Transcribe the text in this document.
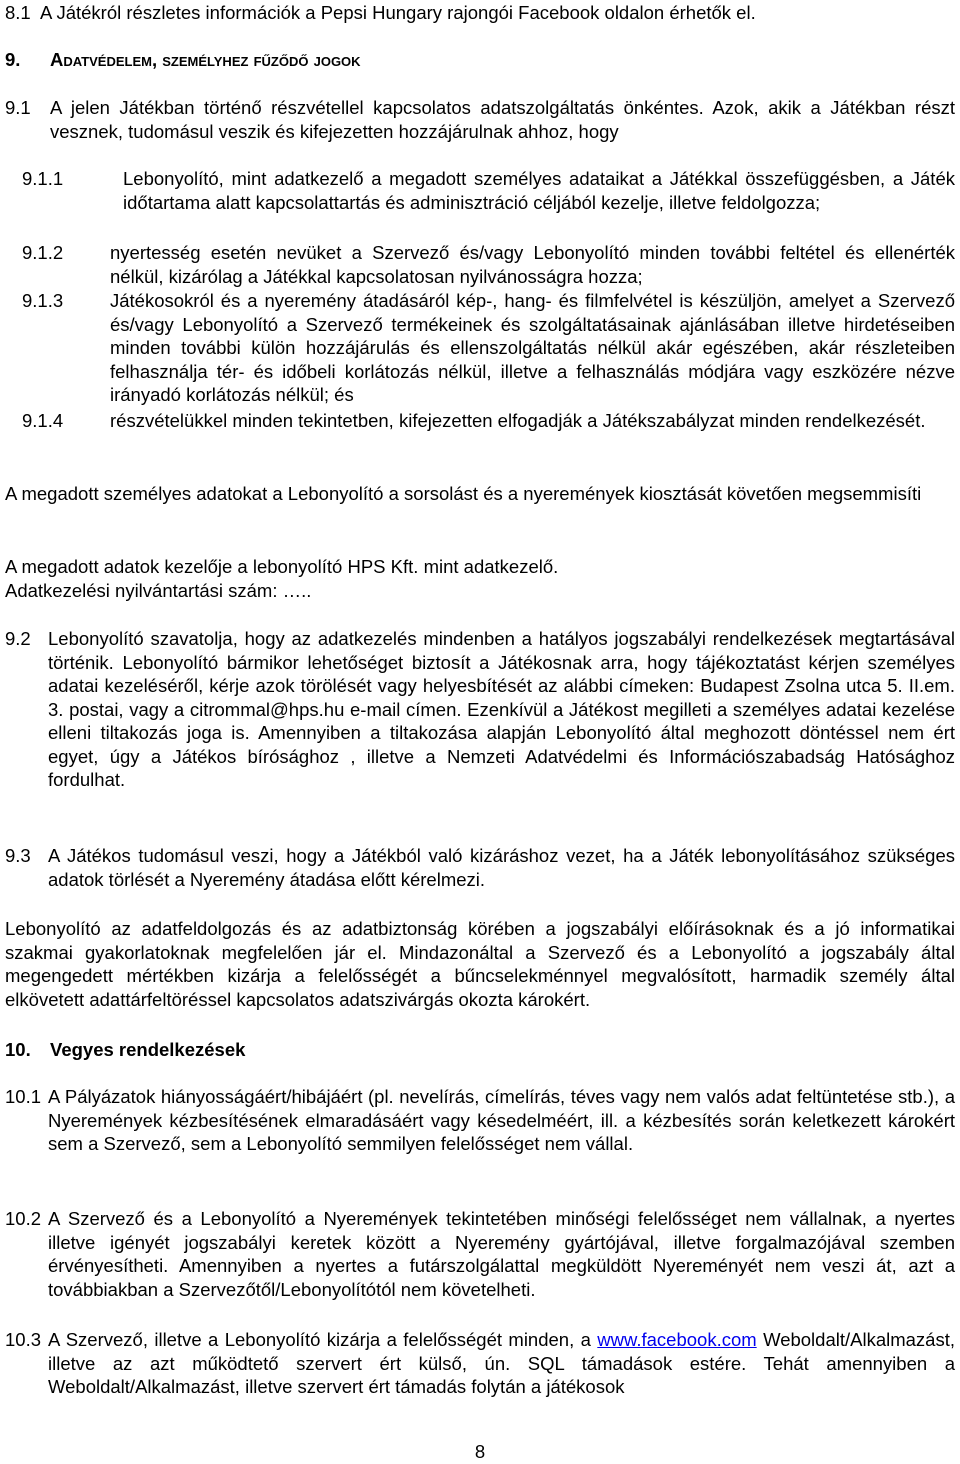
8.1 A Játékról részletes információk a Pepsi Hungary rajongói Facebook oldalon érhetők el.
9. Adatvédelem, személyhez fűződő jogok
9.1 A jelen Játékban történő részvétellel kapcsolatos adatszolgáltatás önkéntes. Azok, akik a Játékban részt vesznek, tudomásul veszik és kifejezetten hozzájárulnak ahhoz, hogy
9.1.1	Lebonyolító, mint adatkezelő a megadott személyes adataikat a Játékkal összefüggésben, a Játék időtartama alatt kapcsolattartás és adminisztráció céljából kezelje, illetve feldolgozza;
9.1.2	nyertesség esetén nevüket a Szervező és/vagy Lebonyolító minden további feltétel és ellenérték nélkül, kizárólag a Játékkal kapcsolatosan nyilvánosságra hozza;
9.1.3	Játékosokról és a nyeremény átadásáról kép-, hang- és filmfelvétel is készüljön, amelyet a Szervező és/vagy Lebonyolító a Szervező termékeinek és szolgáltatásainak ajánlásában illetve hirdetéseiben minden további külön hozzájárulás és ellenszolgáltatás nélkül akár egészében, akár részleteiben felhasználja tér- és időbeli korlátozás nélkül, illetve a felhasználás módjára vagy eszközére nézve irányadó korlátozás nélkül; és
9.1.4	részvételükkel minden tekintetben, kifejezetten elfogadják a Játékszabályzat minden rendelkezését.
A megadott személyes adatokat a Lebonyolító a sorsolást és a nyeremények kiosztását követően megsemmisíti
A megadott adatok kezelője a lebonyolító HPS Kft. mint adatkezelő.
Adatkezelési nyilvántartási szám: …..
9.2 Lebonyolító szavatolja, hogy az adatkezelés mindenben a hatályos jogszabályi rendelkezések megtartásával történik. Lebonyolító bármikor lehetőséget biztosít a Játékosnak arra, hogy tájékoztatást kérjen személyes adatai kezeléséről, kérje azok törölését vagy helyesbítését az alábbi címeken: Budapest Zsolna utca 5. II.em. 3. postai, vagy a citrommal@hps.hu e-mail címen. Ezenkívül a Játékost megilleti a személyes adatai kezelése elleni tiltakozás joga is. Amennyiben a tiltakozása alapján Lebonyolító által meghozott döntéssel nem ért egyet, úgy a Játékos bírósághoz , illetve a Nemzeti Adatvédelmi és Információszabadság Hatósághoz fordulhat.
9.3 A Játékos tudomásul veszi, hogy a Játékból való kizáráshoz vezet, ha a Játék lebonyolításához szükséges adatok törlését a Nyeremény átadása előtt kérelmezi.
Lebonyolító az adatfeldolgozás és az adatbiztonság körében a jogszabályi előírásoknak és a jó informatikai szakmai gyakorlatoknak megfelelően jár el. Mindazonáltal a Szervező és a Lebonyolító a jogszabály által megengedett mértékben kizárja a felelősségét a bűncselekménnyel megvalósított, harmadik személy által elkövetett adattárfeltöréssel kapcsolatos adatszivárgás okozta károkért.
10. Vegyes rendelkezések
10.1 A Pályázatok hiányosságáért/hibájáért (pl. nevelírás, címelírás, téves vagy nem valós adat feltüntetése stb.), a Nyeremények kézbesítésének elmaradásáért vagy késedelméért, ill. a kézbesítés során keletkezett károkért sem a Szervező, sem a Lebonyolító semmilyen felelősséget nem vállal.
10.2 A Szervező és a Lebonyolító a Nyeremények tekintetében minőségi felelősséget nem vállalnak, a nyertes illetve igényét jogszabályi keretek között a Nyeremény gyártójával, illetve forgalmazójával szemben érvényesítheti. Amennyiben a nyertes a futárszolgálattal megküldött Nyereményét nem veszi át, azt a továbbiakban a Szervezőtől/Lebonyolítótól nem követelheti.
10.3 A Szervező, illetve a Lebonyolító kizárja a felelősségét minden, a www.facebook.com Weboldalt/Alkalmazást, illetve az azt működtető szervert ért külső, ún. SQL támadások estére. Tehát amennyiben a Weboldalt/Alkalmazást, illetve szervert ért támadás folytán a játékosok
8
